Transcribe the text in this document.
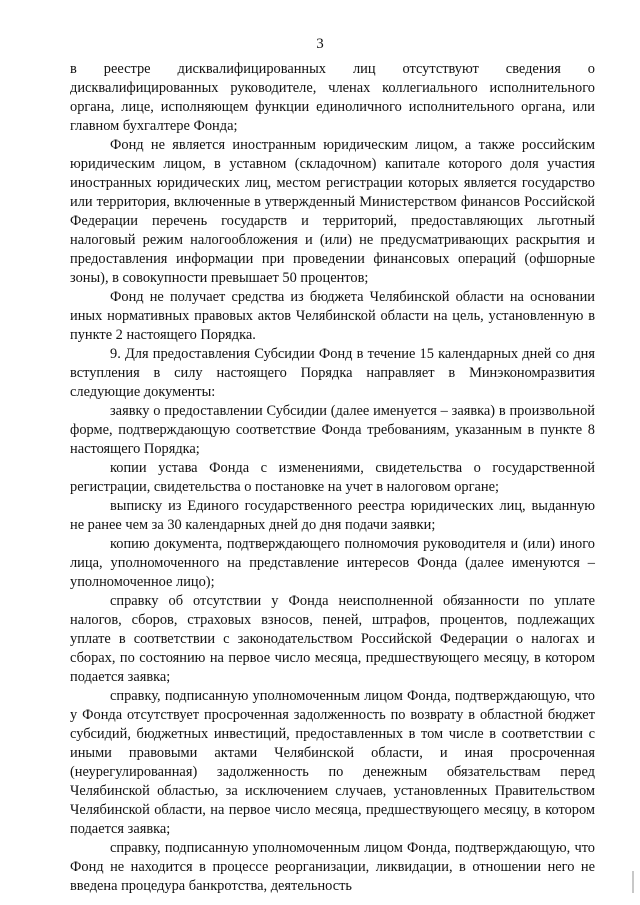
3

в реестре дисквалифицированных лиц отсутствуют сведения о дисквалифицированных руководителе, членах коллегиального исполнительного органа, лице, исполняющем функции единоличного исполнительного органа, или главном бухгалтере Фонда;

Фонд не является иностранным юридическим лицом, а также российским юридическим лицом, в уставном (складочном) капитале которого доля участия иностранных юридических лиц, местом регистрации которых является государство или территория, включенные в утвержденный Министерством финансов Российской Федерации перечень государств и территорий, предоставляющих льготный налоговый режим налогообложения и (или) не предусматривающих раскрытия и предоставления информации при проведении финансовых операций (офшорные зоны), в совокупности превышает 50 процентов;

Фонд не получает средства из бюджета Челябинской области на основании иных нормативных правовых актов Челябинской области на цель, установленную в пункте 2 настоящего Порядка.

9. Для предоставления Субсидии Фонд в течение 15 календарных дней со дня вступления в силу настоящего Порядка направляет в Минэкономразвития следующие документы:

заявку о предоставлении Субсидии (далее именуется – заявка) в произвольной форме, подтверждающую соответствие Фонда требованиям, указанным в пункте 8 настоящего Порядка;

копии устава Фонда с изменениями, свидетельства о государственной регистрации, свидетельства о постановке на учет в налоговом органе;

выписку из Единого государственного реестра юридических лиц, выданную не ранее чем за 30 календарных дней до дня подачи заявки;

копию документа, подтверждающего полномочия руководителя и (или) иного лица, уполномоченного на представление интересов Фонда (далее именуются – уполномоченное лицо);

справку об отсутствии у Фонда неисполненной обязанности по уплате налогов, сборов, страховых взносов, пеней, штрафов, процентов, подлежащих уплате в соответствии с законодательством Российской Федерации о налогах и сборах, по состоянию на первое число месяца, предшествующего месяцу, в котором подается заявка;

справку, подписанную уполномоченным лицом Фонда, подтверждающую, что у Фонда отсутствует просроченная задолженность по возврату в областной бюджет субсидий, бюджетных инвестиций, предоставленных в том числе в соответствии с иными правовыми актами Челябинской области, и иная просроченная (неурегулированная) задолженность по денежным обязательствам перед Челябинской областью, за исключением случаев, установленных Правительством Челябинской области, на первое число месяца, предшествующего месяцу, в котором подается заявка;

справку, подписанную уполномоченным лицом Фонда, подтверждающую, что Фонд не находится в процессе реорганизации, ликвидации, в отношении него не введена процедура банкротства, деятельность
